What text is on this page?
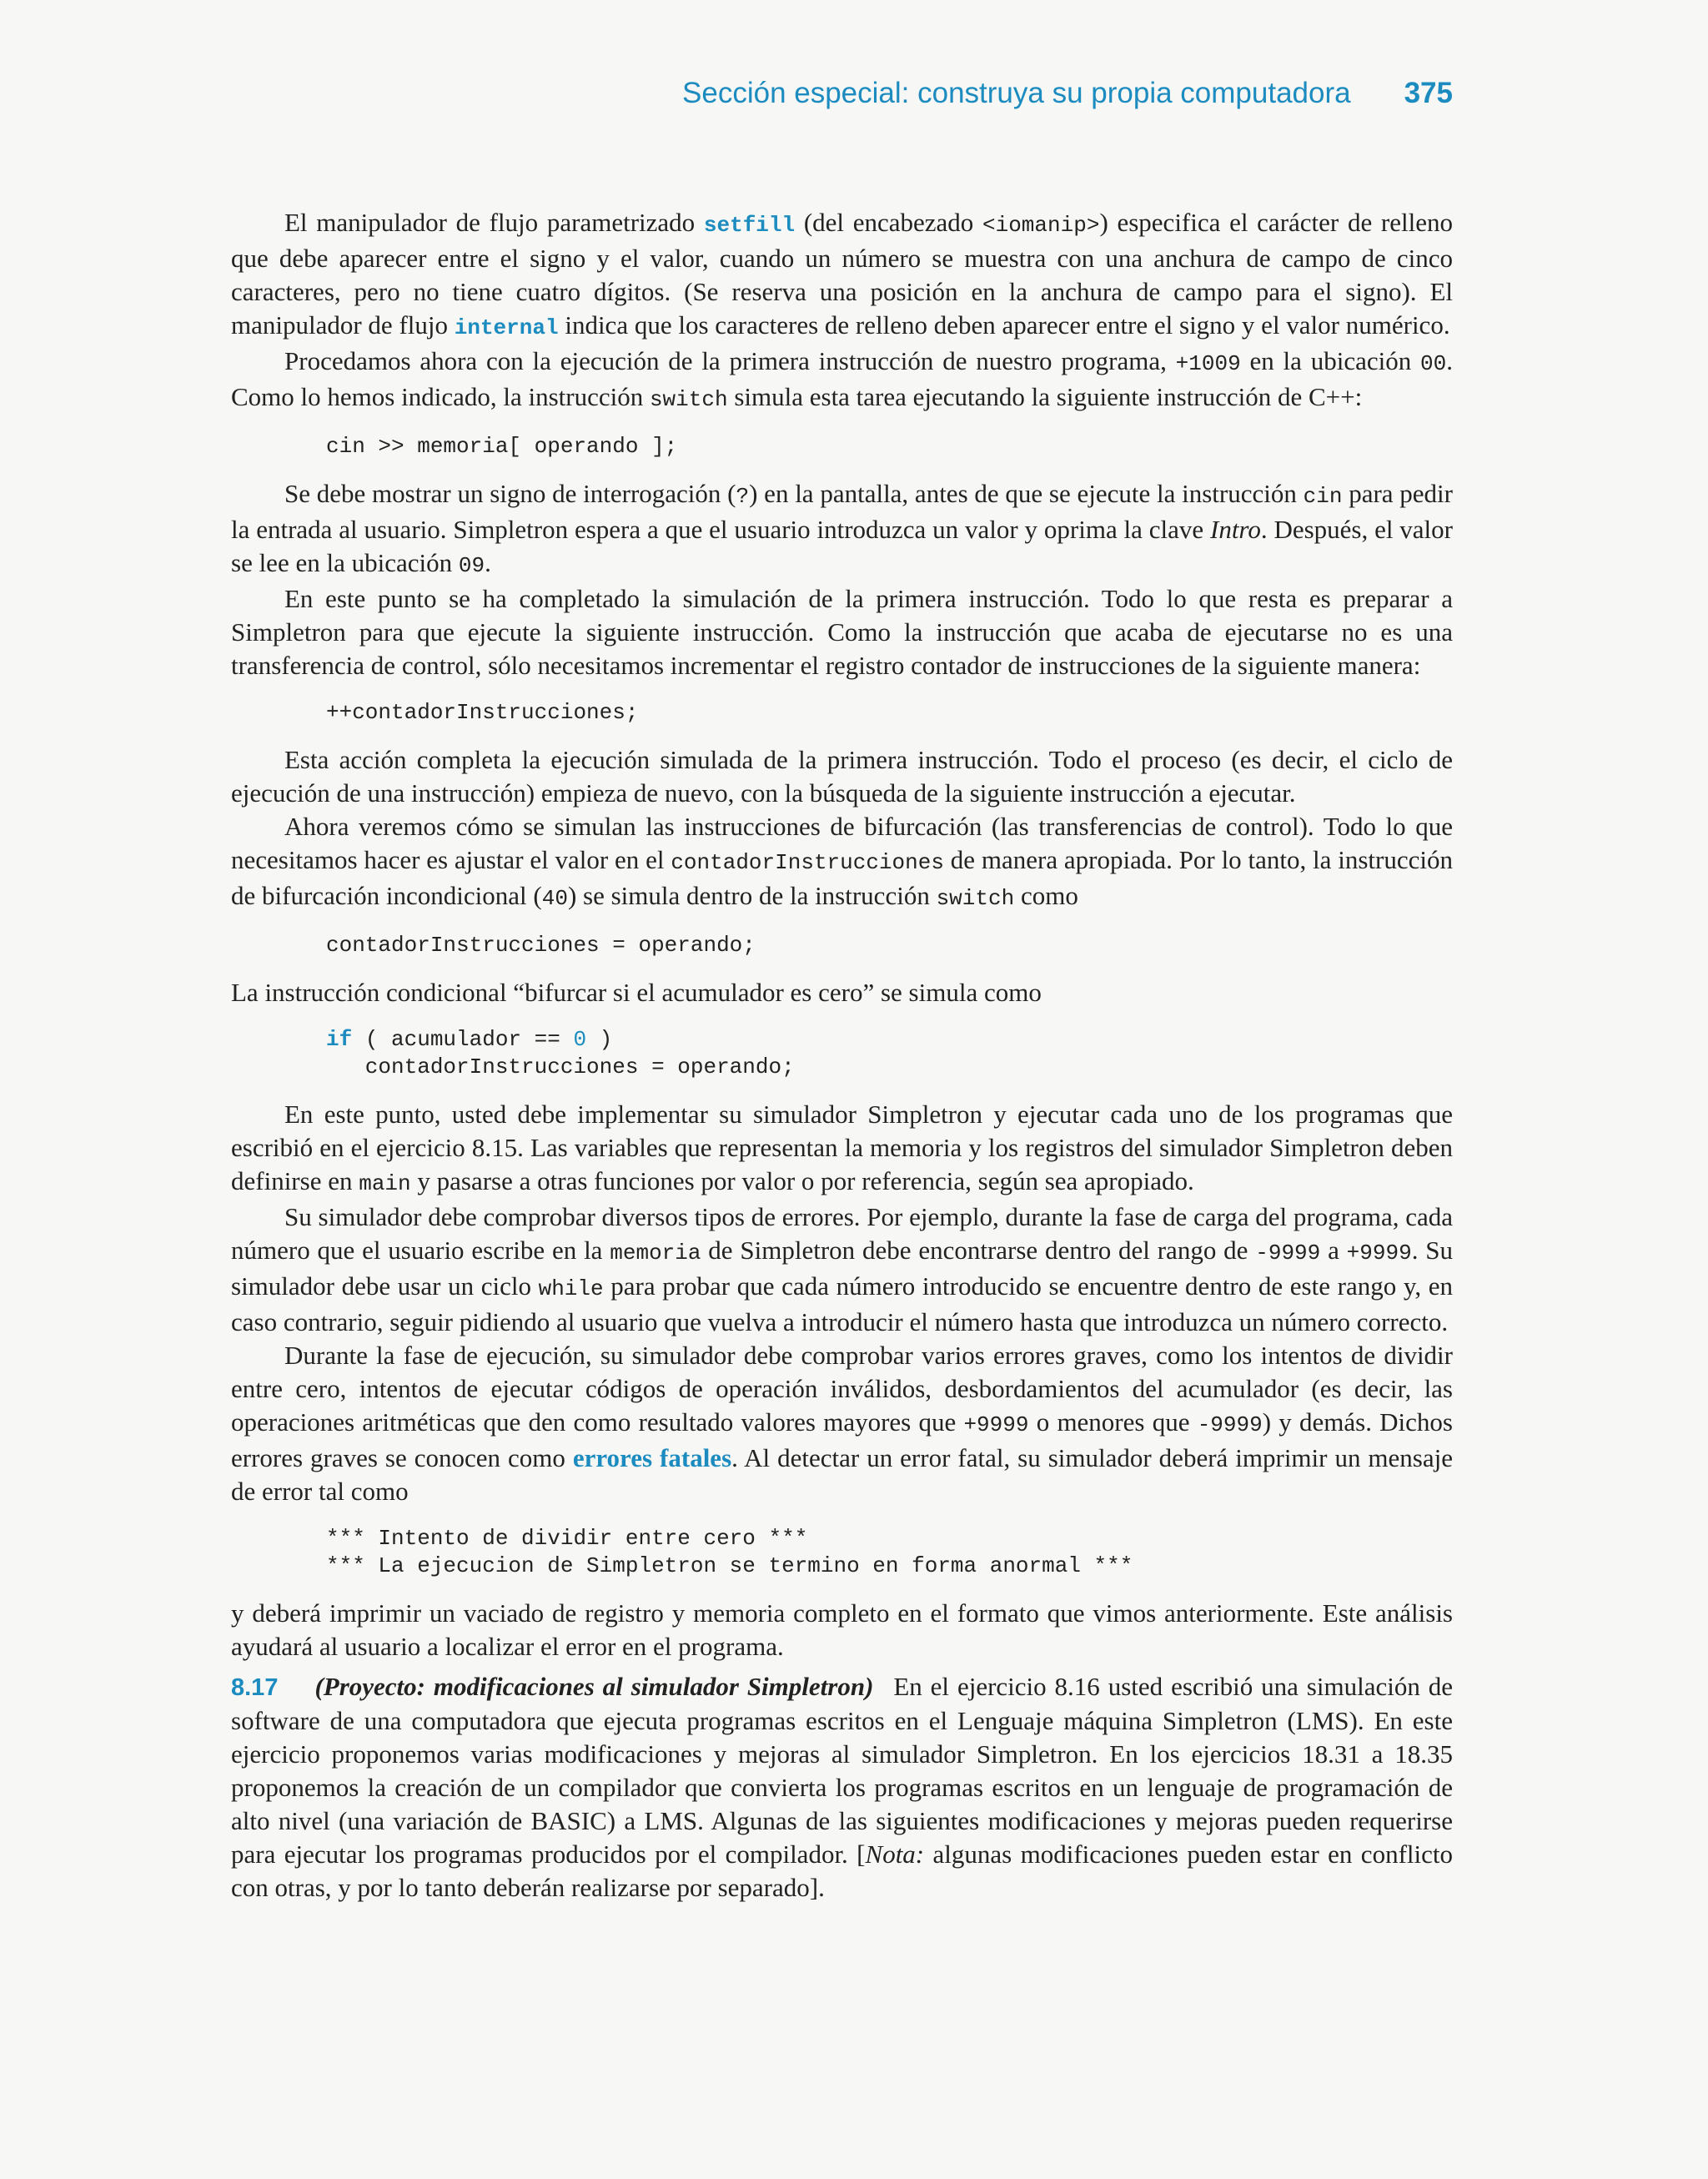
Sección especial: construya su propia computadora 375

El manipulador de flujo parametrizado setfill (del encabezado <iomanip>) especifica el carácter de relleno que debe aparecer entre el signo y el valor, cuando un número se muestra con una anchura de campo de cinco caracteres, pero no tiene cuatro dígitos. (Se reserva una posición en la anchura de campo para el signo). El manipulador de flujo internal indica que los caracteres de relleno deben aparecer entre el signo y el valor numérico.

Procedamos ahora con la ejecución de la primera instrucción de nuestro programa, +1009 en la ubicación 00. Como lo hemos indicado, la instrucción switch simula esta tarea ejecutando la siguiente instrucción de C++:

cin >> memoria[ operando ];

Se debe mostrar un signo de interrogación (?) en la pantalla, antes de que se ejecute la instrucción cin para pedir la entrada al usuario. Simpletron espera a que el usuario introduzca un valor y oprima la clave Intro. Después, el valor se lee en la ubicación 09.

En este punto se ha completado la simulación de la primera instrucción. Todo lo que resta es preparar a Simpletron para que ejecute la siguiente instrucción. Como la instrucción que acaba de ejecutarse no es una transferencia de control, sólo necesitamos incrementar el registro contador de instrucciones de la siguiente manera:

++contadorInstrucciones;

Esta acción completa la ejecución simulada de la primera instrucción. Todo el proceso (es decir, el ciclo de ejecución de una instrucción) empieza de nuevo, con la búsqueda de la siguiente instrucción a ejecutar.

Ahora veremos cómo se simulan las instrucciones de bifurcación (las transferencias de control). Todo lo que necesitamos hacer es ajustar el valor en el contadorInstrucciones de manera apropiada. Por lo tanto, la instrucción de bifurcación incondicional (40) se simula dentro de la instrucción switch como

contadorInstrucciones = operando;

La instrucción condicional “bifurcar si el acumulador es cero” se simula como

if ( acumulador == 0 )
contadorInstrucciones = operando;

En este punto, usted debe implementar su simulador Simpletron y ejecutar cada uno de los programas que escribió en el ejercicio 8.15. Las variables que representan la memoria y los registros del simulador Simpletron deben definirse en main y pasarse a otras funciones por valor o por referencia, según sea apropiado.

Su simulador debe comprobar diversos tipos de errores. Por ejemplo, durante la fase de carga del programa, cada número que el usuario escribe en la memoria de Simpletron debe encontrarse dentro del rango de -9999 a +9999. Su simulador debe usar un ciclo while para probar que cada número introducido se encuentre dentro de este rango y, en caso contrario, seguir pidiendo al usuario que vuelva a introducir el número hasta que introduzca un número correcto.

Durante la fase de ejecución, su simulador debe comprobar varios errores graves, como los intentos de dividir entre cero, intentos de ejecutar códigos de operación inválidos, desbordamientos del acumulador (es decir, las operaciones aritméticas que den como resultado valores mayores que +9999 o menores que -9999) y demás. Dichos errores graves se conocen como errores fatales. Al detectar un error fatal, su simulador deberá imprimir un mensaje de error tal como

*** Intento de dividir entre cero ***
*** La ejecucion de Simpletron se termino en forma anormal ***

y deberá imprimir un vaciado de registro y memoria completo en el formato que vimos anteriormente. Este análisis ayudará al usuario a localizar el error en el programa.

8.17 (Proyecto: modificaciones al simulador Simpletron) En el ejercicio 8.16 usted escribió una simulación de software de una computadora que ejecuta programas escritos en el Lenguaje máquina Simpletron (LMS). En este ejercicio proponemos varias modificaciones y mejoras al simulador Simpletron. En los ejercicios 18.31 a 18.35 proponemos la creación de un compilador que convierta los programas escritos en un lenguaje de programación de alto nivel (una variación de BASIC) a LMS. Algunas de las siguientes modificaciones y mejoras pueden requerirse para ejecutar los programas producidos por el compilador. [Nota: algunas modificaciones pueden estar en conflicto con otras, y por lo tanto deberán realizarse por separado].
